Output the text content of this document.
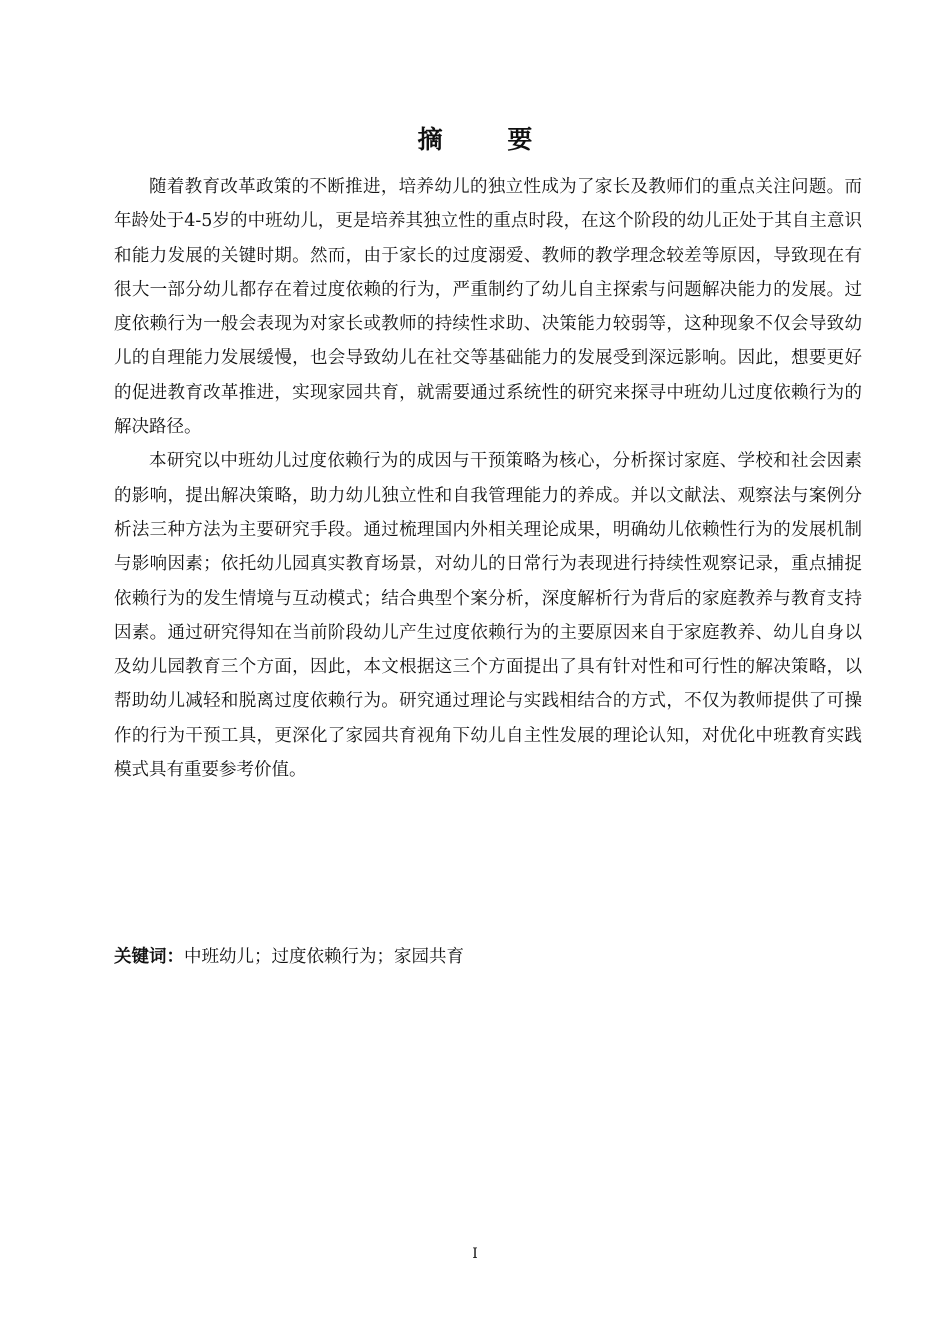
摘 要

随着教育改革政策的不断推进，培养幼儿的独立性成为了家长及教师们的重点关注问题。而年龄处于4-5岁的中班幼儿，更是培养其独立性的重点时段，在这个阶段的幼儿正处于其自主意识和能力发展的关键时期。然而，由于家长的过度溺爱、教师的教学理念较差等原因，导致现在有很大一部分幼儿都存在着过度依赖的行为，严重制约了幼儿自主探索与问题解决能力的发展。过度依赖行为一般会表现为对家长或教师的持续性求助、决策能力较弱等，这种现象不仅会导致幼儿的自理能力发展缓慢，也会导致幼儿在社交等基础能力的发展受到深远影响。因此，想要更好的促进教育改革推进，实现家园共育，就需要通过系统性的研究来探寻中班幼儿过度依赖行为的解决路径。

本研究以中班幼儿过度依赖行为的成因与干预策略为核心，分析探讨家庭、学校和社会因素的影响，提出解决策略，助力幼儿独立性和自我管理能力的养成。并以文献法、观察法与案例分析法三种方法为主要研究手段。通过梳理国内外相关理论成果，明确幼儿依赖性行为的发展机制与影响因素；依托幼儿园真实教育场景，对幼儿的日常行为表现进行持续性观察记录，重点捕捉依赖行为的发生情境与互动模式；结合典型个案分析，深度解析行为背后的家庭教养与教育支持因素。通过研究得知在当前阶段幼儿产生过度依赖行为的主要原因来自于家庭教养、幼儿自身以及幼儿园教育三个方面，因此，本文根据这三个方面提出了具有针对性和可行性的解决策略，以帮助幼儿减轻和脱离过度依赖行为。研究通过理论与实践相结合的方式，不仅为教师提供了可操作的行为干预工具，更深化了家园共育视角下幼儿自主性发展的理论认知，对优化中班教育实践模式具有重要参考价值。

关键词：中班幼儿；过度依赖行为；家园共育
I
